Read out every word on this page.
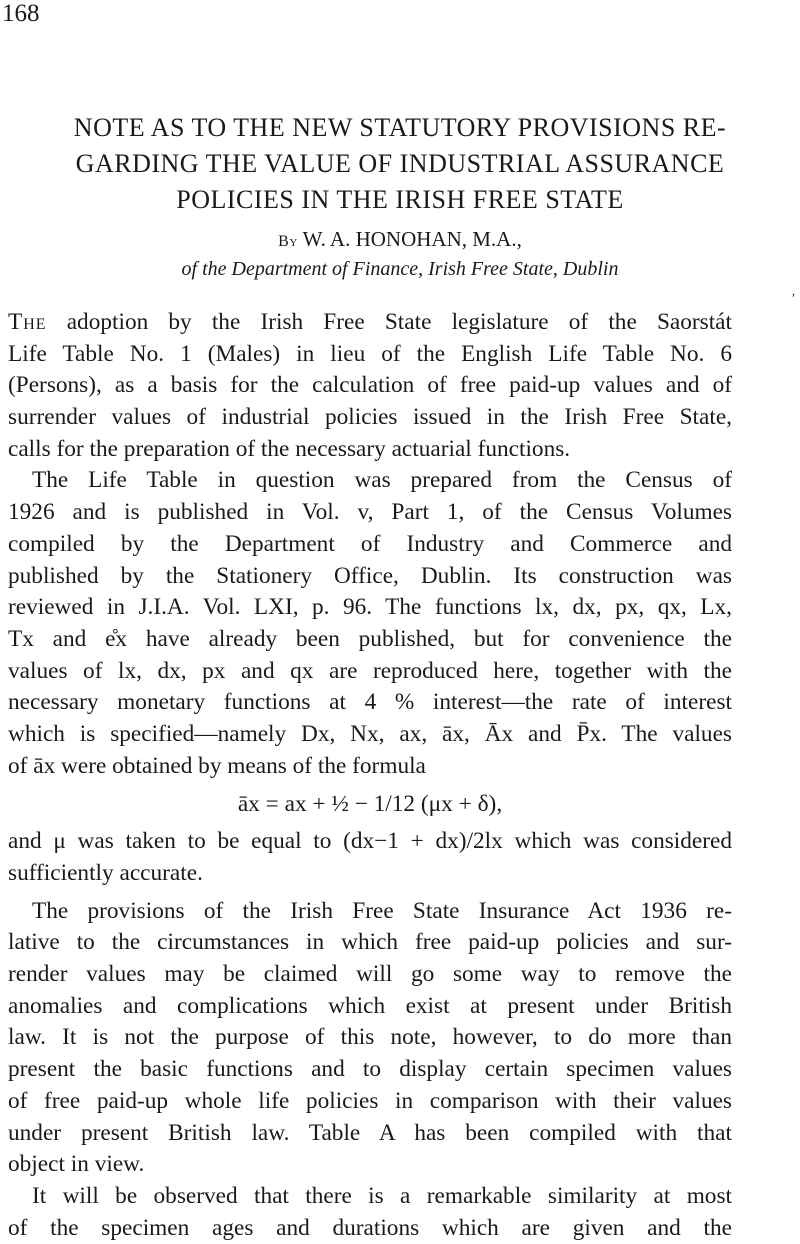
168
NOTE AS TO THE NEW STATUTORY PROVISIONS RE-
GARDING THE VALUE OF INDUSTRIAL ASSURANCE
POLICIES IN THE IRISH FREE STATE
By W. A. HONOHAN, M.A.,
of the Department of Finance, Irish Free State, Dublin
ʹ
The adoption by the Irish Free State legislature of the Saorstát
Life Table No. 1 (Males) in lieu of the English Life Table No. 6
(Persons), as a basis for the calculation of free paid-up values and of
surrender values of industrial policies issued in the Irish Free State,
calls for the preparation of the necessary actuarial functions.
The Life Table in question was prepared from the Census of
1926 and is published in Vol. v, Part 1, of the Census Volumes
compiled by the Department of Industry and Commerce and
published by the Stationery Office, Dublin. Its construction was
reviewed in J.I.A. Vol. LXI, p. 96. The functions lx, dx, px, qx, Lx,
Tx and e̊x have already been published, but for convenience the
values of lx, dx, px and qx are reproduced here, together with the
necessary monetary functions at 4 % interest—the rate of interest
which is specified—namely Dx, Nx, ax, āx, Āx and P̄x. The values
of āx were obtained by means of the formula
āx = ax + ½ − 1/12 (μx + δ),
and μ was taken to be equal to (dx−1 + dx)/2lx which was considered
sufficiently accurate.
The provisions of the Irish Free State Insurance Act 1936 re-
lative to the circumstances in which free paid-up policies and sur-
render values may be claimed will go some way to remove the
anomalies and complications which exist at present under British
law. It is not the purpose of this note, however, to do more than
present the basic functions and to display certain specimen values
of free paid-up whole life policies in comparison with their values
under present British law. Table A has been compiled with that
object in view.
It will be observed that there is a remarkable similarity at most
of the specimen ages and durations which are given and the
